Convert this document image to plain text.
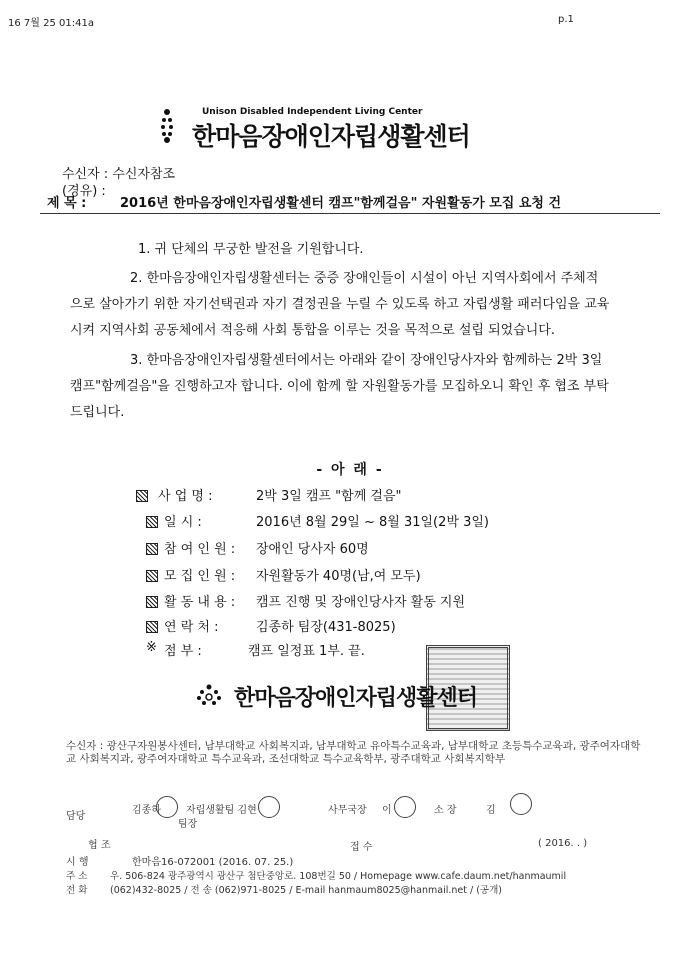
16 7월 25 01:41a	p.1
Unison Disabled Independent Living Center
한마음장애인자립생활센터
수신자 : 수신자참조
(경유) :
제 목 :	2016년 한마음장애인자립생활센터 캠프"함께걸음" 자원활동가 모집 요청 건
1. 귀 단체의 무궁한 발전을 기원합니다.
2. 한마음장애인자립생활센터는 중증 장애인들이 시설이 아닌 지역사회에서 주체적으로 살아가기 위한 자기선택권과 자기 결정권을 누릴 수 있도록 하고 자립생활 패러다임을 교육시켜 지역사회 공동체에서 적응해 사회 통합을 이루는 것을 목적으로 설립 되었습니다.
3. 한마음장애인자립생활센터에서는 아래와 같이 장애인당사자와 함께하는 2박 3일 캠프"함께걸음"을 진행하고자 합니다. 이에 함께 할 자원활동가를 모집하오니 확인 후 협조 부탁드립니다.
- 아 래 -
사 업 명 :	2박 3일 캠프 "함께 걸음"
일 시 :	2016년 8월 29일 ~ 8월 31일(2박 3일)
참 여 인 원 : 장애인 당사자 60명
모 집 인 원 : 자원활동가 40명(남,여 모두)
활 동 내 용 : 캠프 진행 및 장애인당사자 활동 지원
연 락 처 :	김종하 팀장(431-8025)
※ 점 부 :	캠프 일정표 1부. 끝.
한마음장애인자립생활센터
수신자 : 광산구자원봉사센터, 남부대학교 사회복지과, 남부대학교 유아특수교육과, 남부대학교 초등특수교육과, 광주여자대학교 사회복지과, 광주여자대학교 특수교육과, 조선대학교 특수교육학부, 광주대학교 사회복지학부
담당
김종하	자립생활팀 김현
팀장
사무국장 이	소 장	김
협 조
시 행	한마음16-072001 (2016. 07. 25.)
접 수	( 2016. . )
주 소 우. 506-824 광주광역시 광산구 첨단중앙로. 108번길 50 / Homepage www.cafe.daum.net/hanmaumil
전 화 (062)432-8025 / 전 송 (062)971-8025 / E-mail hanmaum8025@hanmail.net / (공개)
